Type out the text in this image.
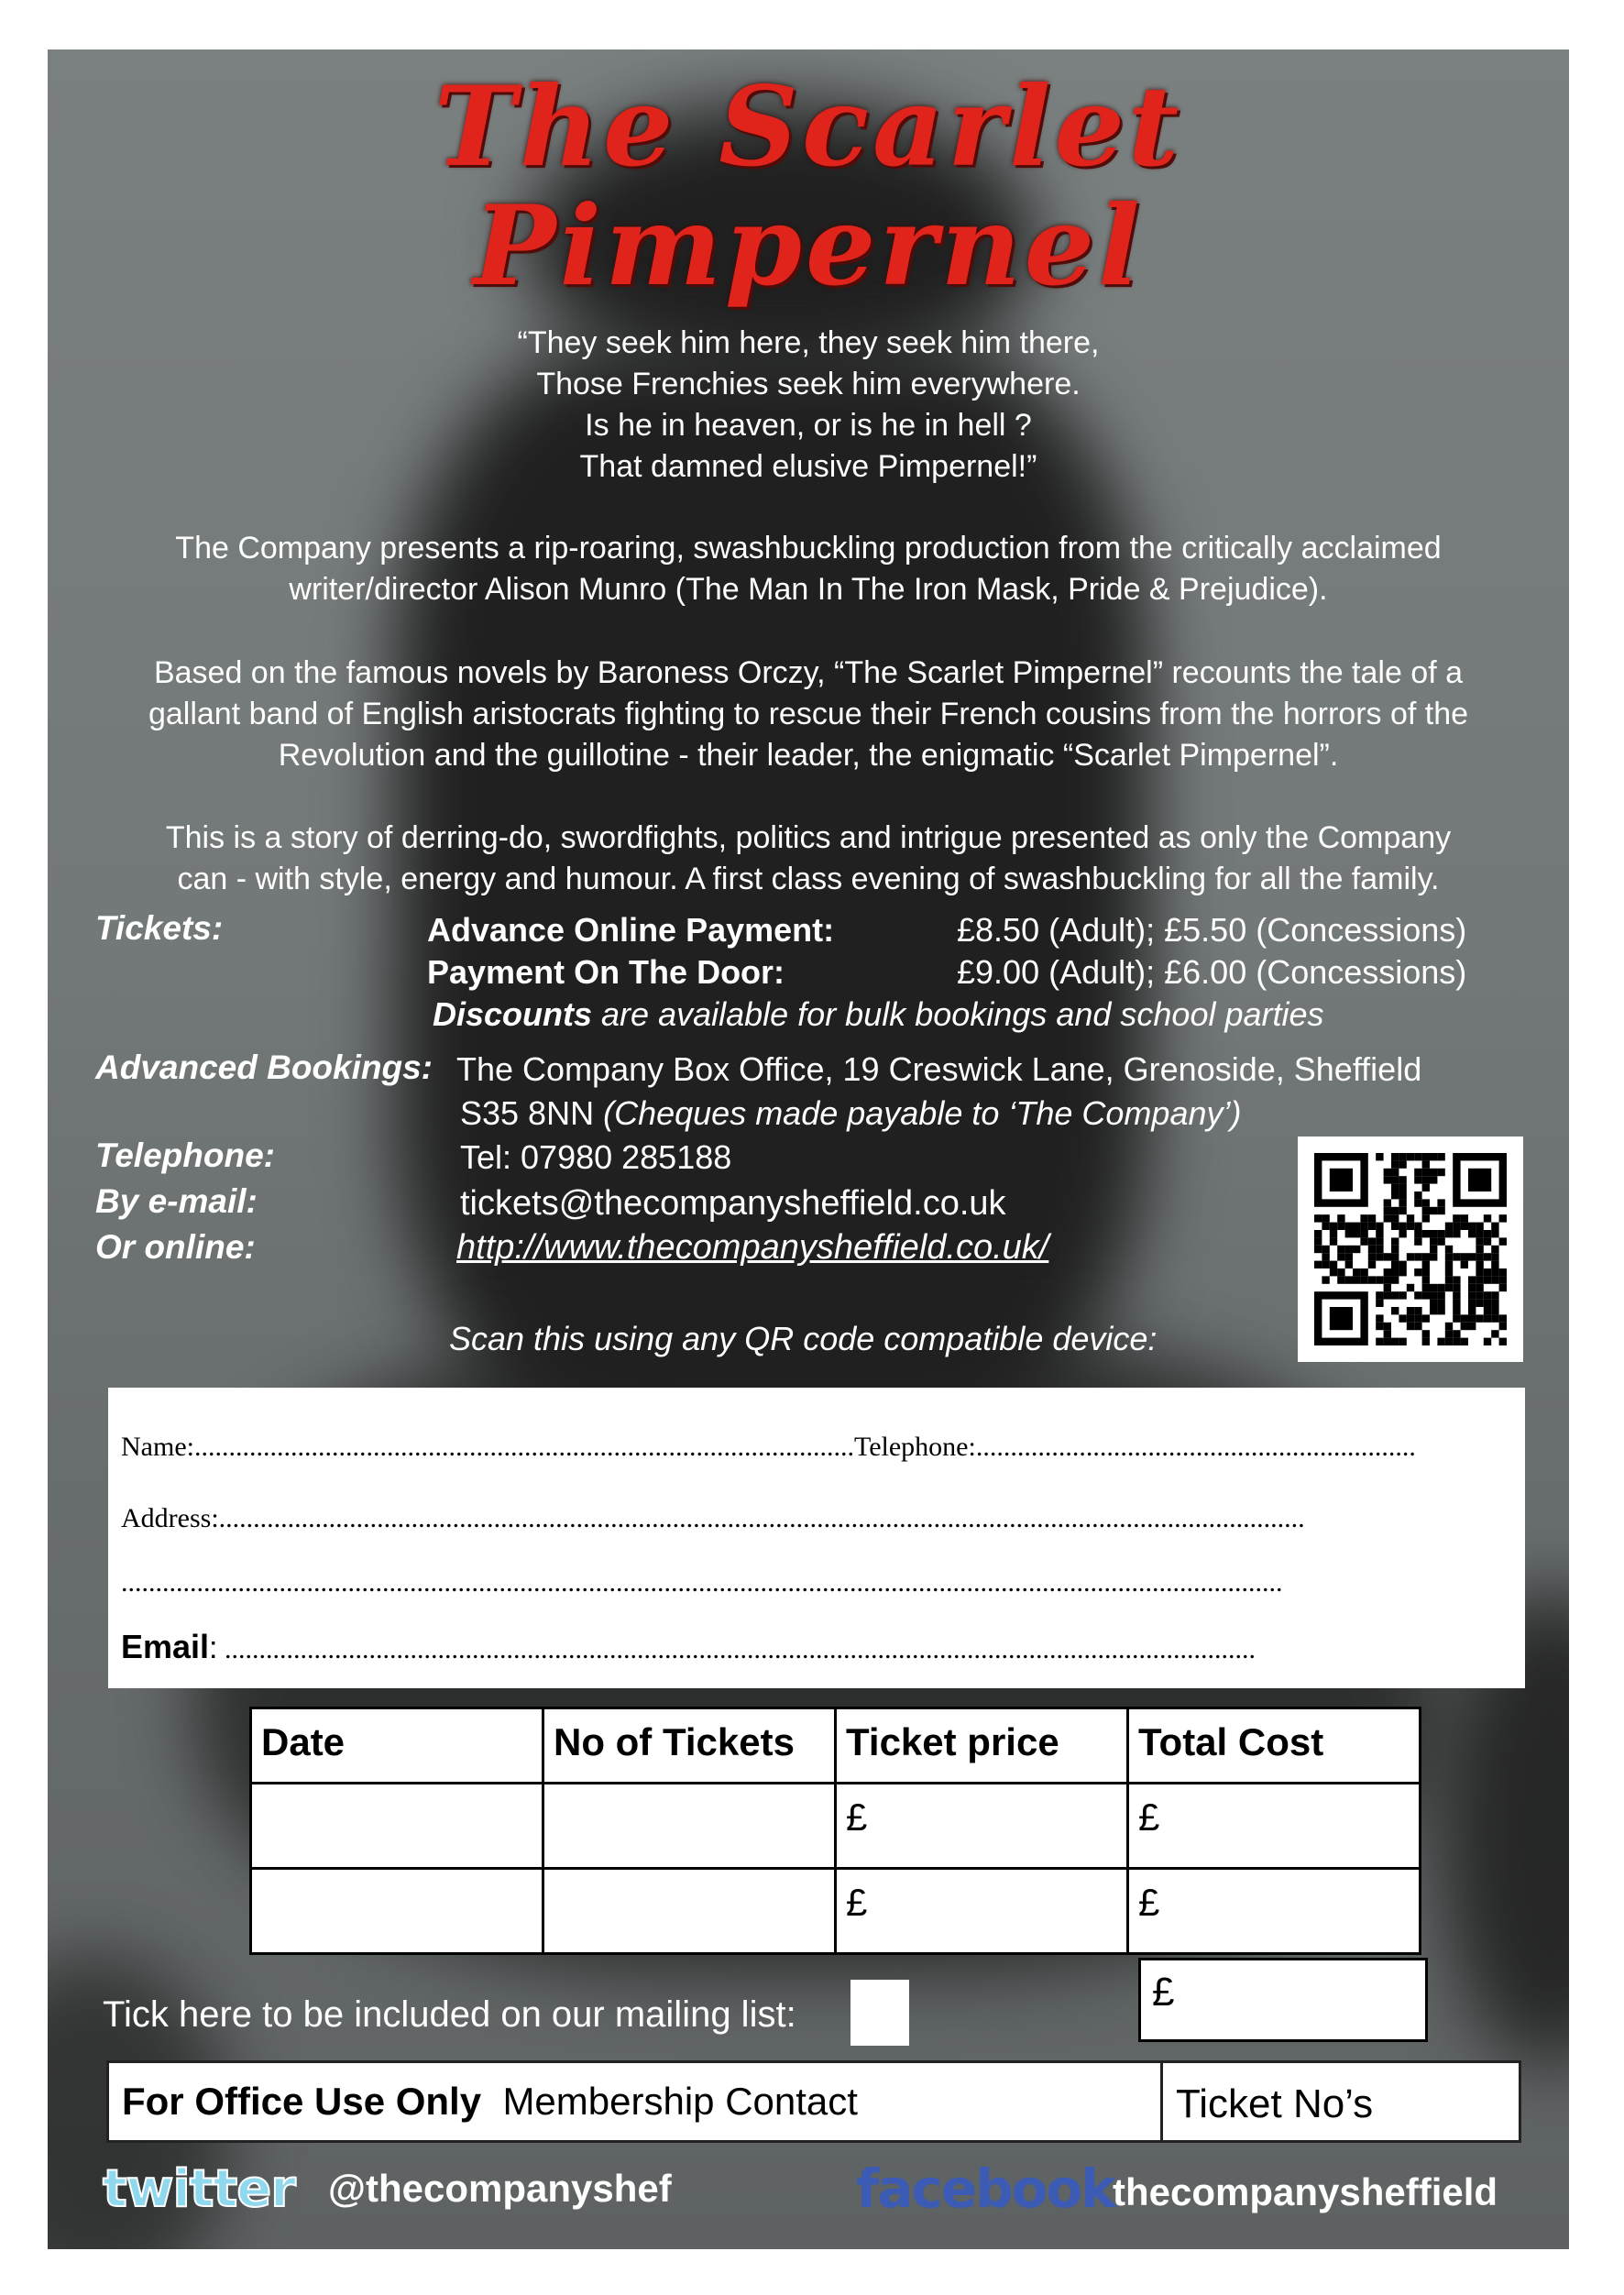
The Scarlet
Pimpernel
“They seek him here, they seek him there,
Those Frenchies seek him everywhere.
Is he in heaven, or is he in hell ?
That damned elusive Pimpernel!”
The Company presents a rip-roaring, swashbuckling production from the critically acclaimed
writer/director Alison Munro (The Man In The Iron Mask, Pride & Prejudice).
Based on the famous novels by Baroness Orczy, “The Scarlet Pimpernel” recounts the tale of a
gallant band of English aristocrats fighting to rescue their French cousins from the horrors of the
Revolution and the guillotine - their leader, the enigmatic “Scarlet Pimpernel”.
This is a story of derring-do, swordfights, politics and intrigue presented as only the Company
can - with style, energy and humour. A first class evening of swashbuckling for all the family.
Tickets:	Advance Online Payment:	£8.50 (Adult); £5.50 (Concessions)
Payment On The Door:	£9.00 (Adult); £6.00 (Concessions)
Discounts are available for bulk bookings and school parties
Advanced Bookings: The Company Box Office, 19 Creswick Lane, Grenoside, Sheffield
S35 8NN (Cheques made payable to ‘The Company’)
Telephone:	Tel: 07980 285188
By e-mail:	tickets@thecompanysheffield.co.uk
Or online:	http://www.thecompanysheffield.co.uk/
Scan this using any QR code compatible device:
Name:................................................................................................Telephone:................................................................
Address:..............................................................................................................................................................
.........................................................................................................................................................................
Email: ......................................................................................................................................................
Date	No of Tickets	Ticket price	Total Cost
		£	£
		£	£
£
Tick here to be included on our mailing list:
For Office Use Only Membership Contact	Ticket No’s
twitter @thecompanyshef	facebook
thecompanysheffield
